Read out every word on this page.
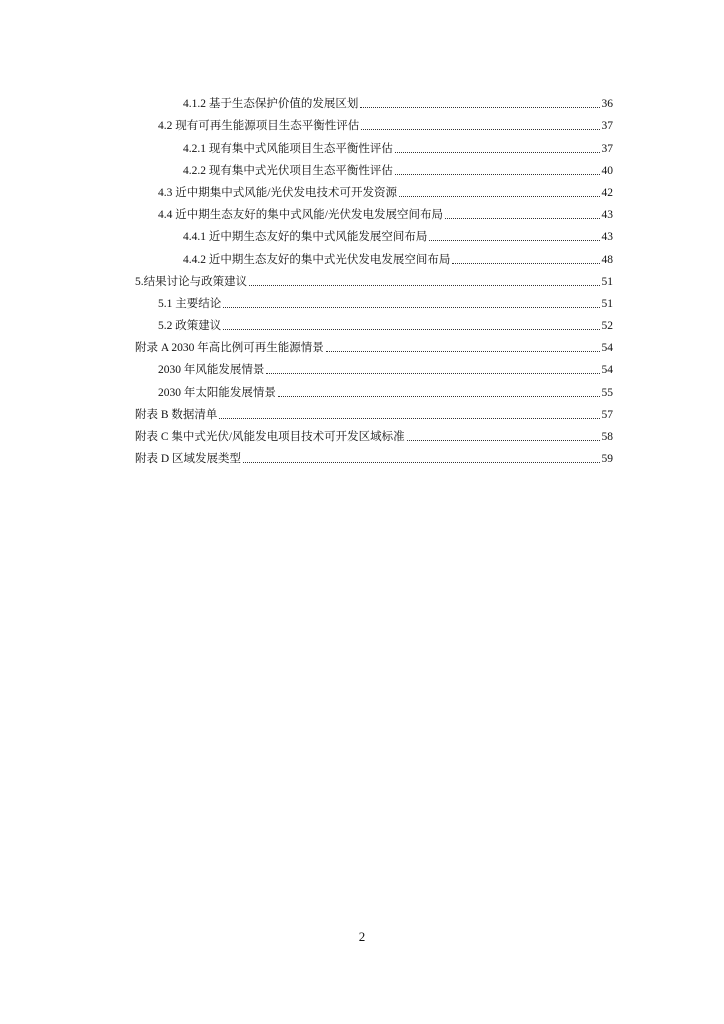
4.1.2 基于生态保护价值的发展区划	36
4.2 现有可再生能源项目生态平衡性评估	37
4.2.1 现有集中式风能项目生态平衡性评估	37
4.2.2 现有集中式光伏项目生态平衡性评估	40
4.3 近中期集中式风能/光伏发电技术可开发资源	42
4.4 近中期生态友好的集中式风能/光伏发电发展空间布局	43
4.4.1 近中期生态友好的集中式风能发展空间布局	43
4.4.2 近中期生态友好的集中式光伏发电发展空间布局	48
5.结果讨论与政策建议	51
5.1 主要结论	51
5.2 政策建议	52
附录 A 2030 年高比例可再生能源情景	54
2030 年风能发展情景	54
2030 年太阳能发展情景	55
附表 B 数据清单	57
附表 C 集中式光伏/风能发电项目技术可开发区域标准	58
附表 D 区域发展类型	59
2
